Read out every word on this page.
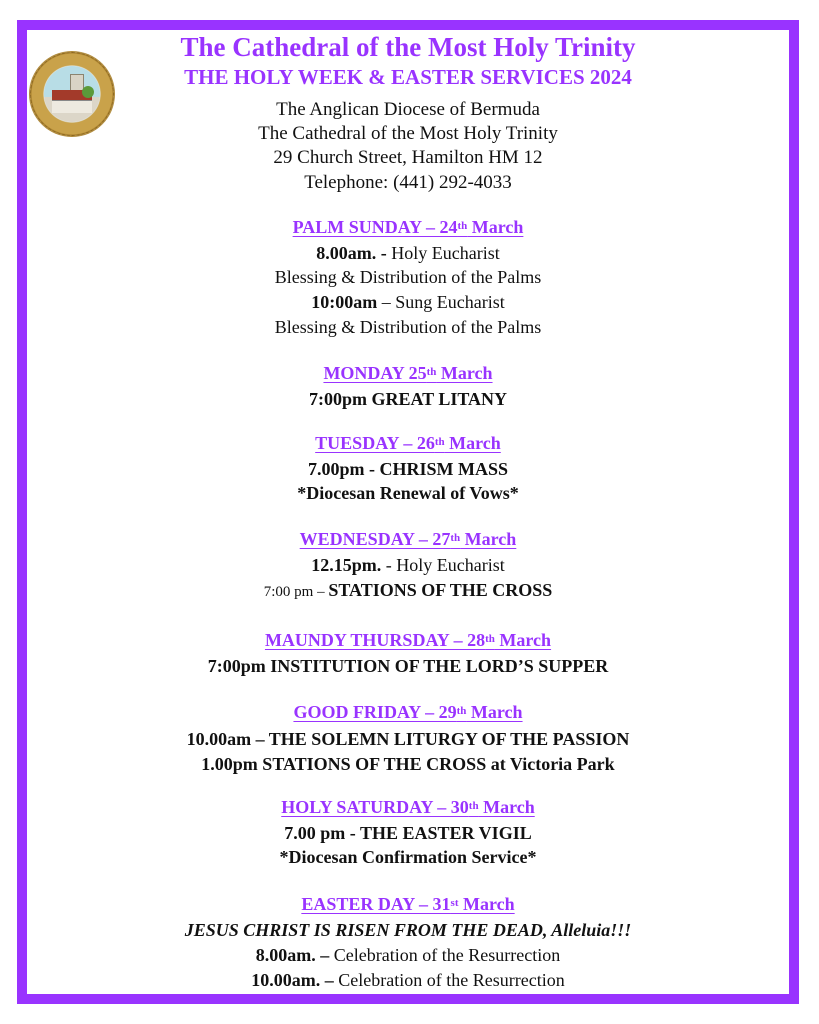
The Cathedral of the Most Holy Trinity
THE HOLY WEEK & EASTER SERVICES 2024
The Anglican Diocese of Bermuda
The Cathedral of the Most Holy Trinity
29 Church Street, Hamilton HM 12
Telephone: (441) 292-4033
PALM SUNDAY – 24th March
8.00am. - Holy Eucharist
Blessing & Distribution of the Palms
10:00am – Sung Eucharist
Blessing & Distribution of the Palms
MONDAY 25th March
7:00pm GREAT LITANY
TUESDAY – 26th March
7.00pm - CHRISM MASS
*Diocesan Renewal of Vows*
WEDNESDAY – 27th March
12.15pm. - Holy Eucharist
7:00 pm – STATIONS OF THE CROSS
MAUNDY THURSDAY – 28th March
7:00pm INSTITUTION OF THE LORD’S SUPPER
GOOD FRIDAY – 29th March
10.00am – THE SOLEMN LITURGY OF THE PASSION
1.00pm STATIONS OF THE CROSS at Victoria Park
HOLY SATURDAY – 30th March
7.00 pm - THE EASTER VIGIL
*Diocesan Confirmation Service*
EASTER DAY – 31st March
JESUS CHRIST IS RISEN FROM THE DEAD, Alleluia!!!
8.00am. – Celebration of the Resurrection
10.00am. – Celebration of the Resurrection
